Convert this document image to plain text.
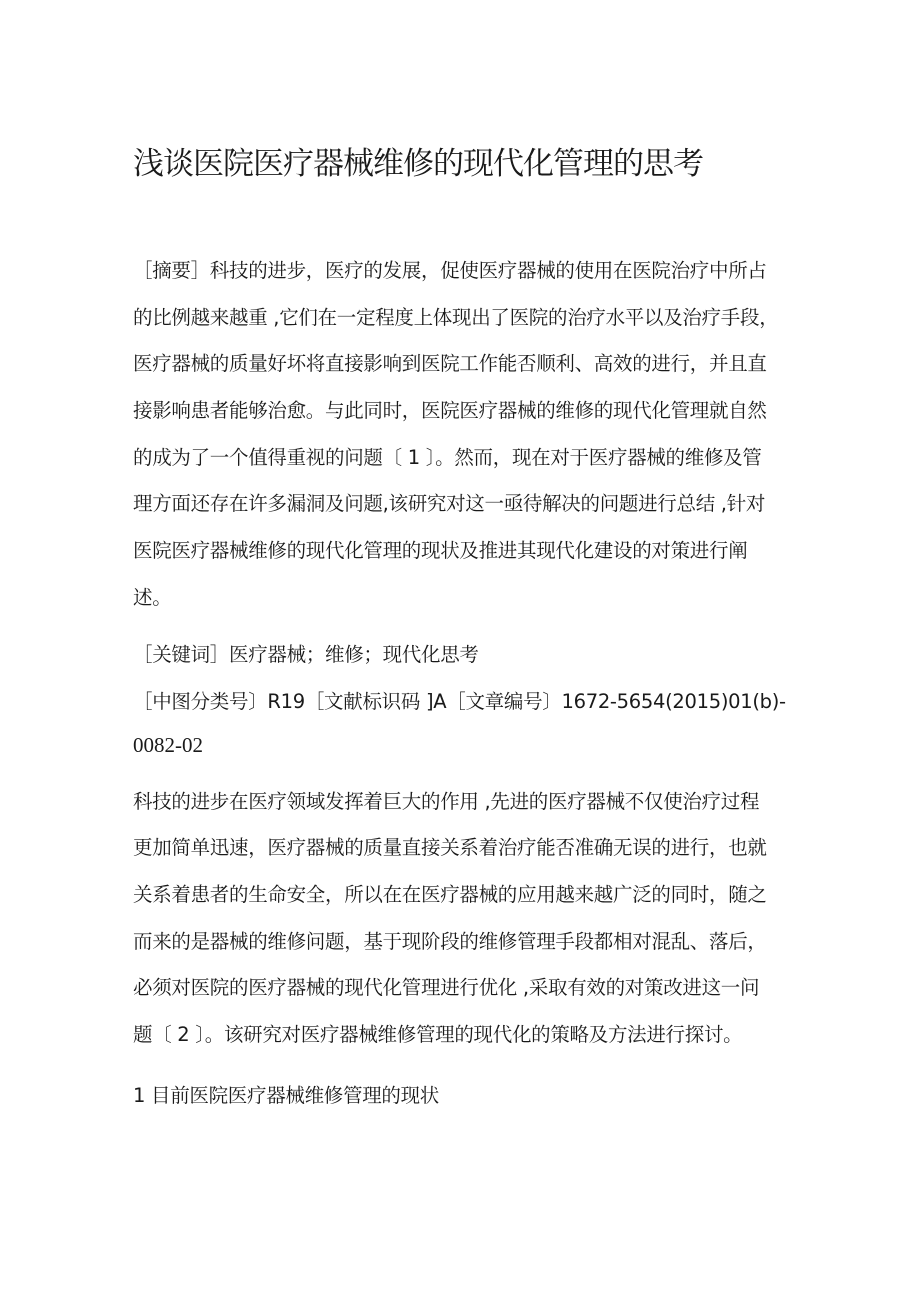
浅谈医院医疗器械维修的现代化管理的思考

［摘要］科技的进步，医疗的发展，促使医疗器械的使用在医院治疗中所占

的比例越来越重 ,它们在一定程度上体现出了医院的治疗水平以及治疗手段，

医疗器械的质量好坏将直接影响到医院工作能否顺利、高效的进行，并且直

接影响患者能够治愈。与此同时，医院医疗器械的维修的现代化管理就自然

的成为了一个值得重视的问题〔 1 〕。然而，现在对于医疗器械的维修及管

理方面还存在许多漏洞及问题,该研究对这一亟待解决的问题进行总结 ,针对

医院医疗器械维修的现代化管理的现状及推进其现代化建设的对策进行阐

述。

［关键词］医疗器械；维修；现代化思考

［中图分类号〕R19［文献标识码 ]A［文章编号〕1672-5654(2015)01(b)-

0082-02

科技的进步在医疗领域发挥着巨大的作用 ,先进的医疗器械不仅使治疗过程

更加简单迅速，医疗器械的质量直接关系着治疗能否准确无误的进行，也就

关系着患者的生命安全，所以在在医疗器械的应用越来越广泛的同时，随之

而来的是器械的维修问题，基于现阶段的维修管理手段都相对混乱、落后，

必须对医院的医疗器械的现代化管理进行优化 ,采取有效的对策改进这一问

题〔 2 〕。该研究对医疗器械维修管理的现代化的策略及方法进行探讨。

1 目前医院医疗器械维修管理的现状
